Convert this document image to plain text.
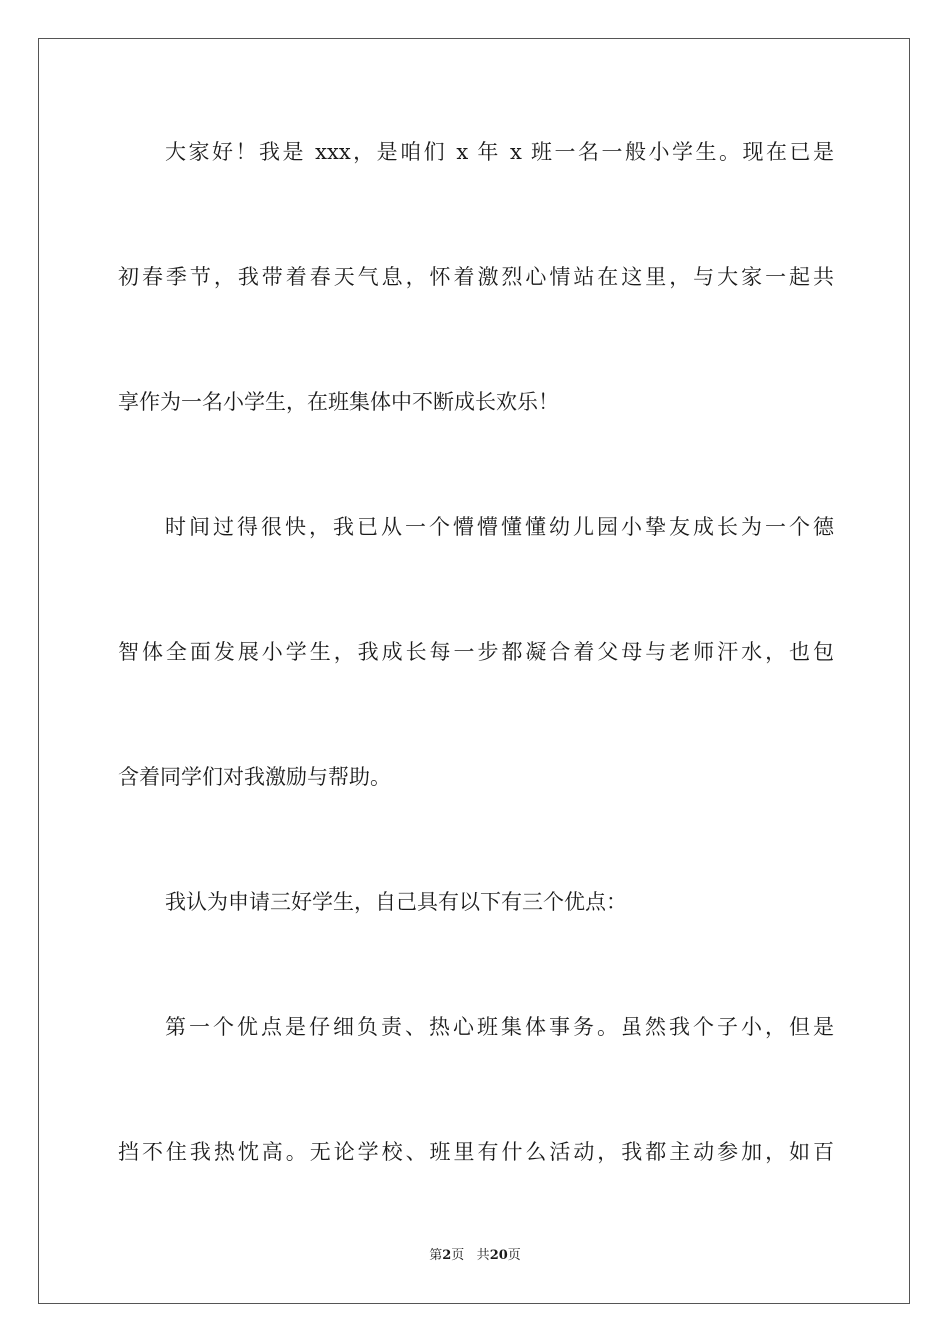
大家好！我是 xxx，是咱们 x 年 x 班一名一般小学生。现在已是
初春季节，我带着春天气息，怀着激烈心情站在这里，与大家一起共
享作为一名小学生，在班集体中不断成长欢乐！
时间过得很快，我已从一个懵懵懂懂幼儿园小挚友成长为一个德
智体全面发展小学生，我成长每一步都凝合着父母与老师汗水，也包
含着同学们对我激励与帮助。
我认为申请三好学生，自己具有以下有三个优点：
第一个优点是仔细负责、热心班集体事务。虽然我个子小，但是
挡不住我热忱高。无论学校、班里有什么活动，我都主动参加，如百
第2页 共20页
